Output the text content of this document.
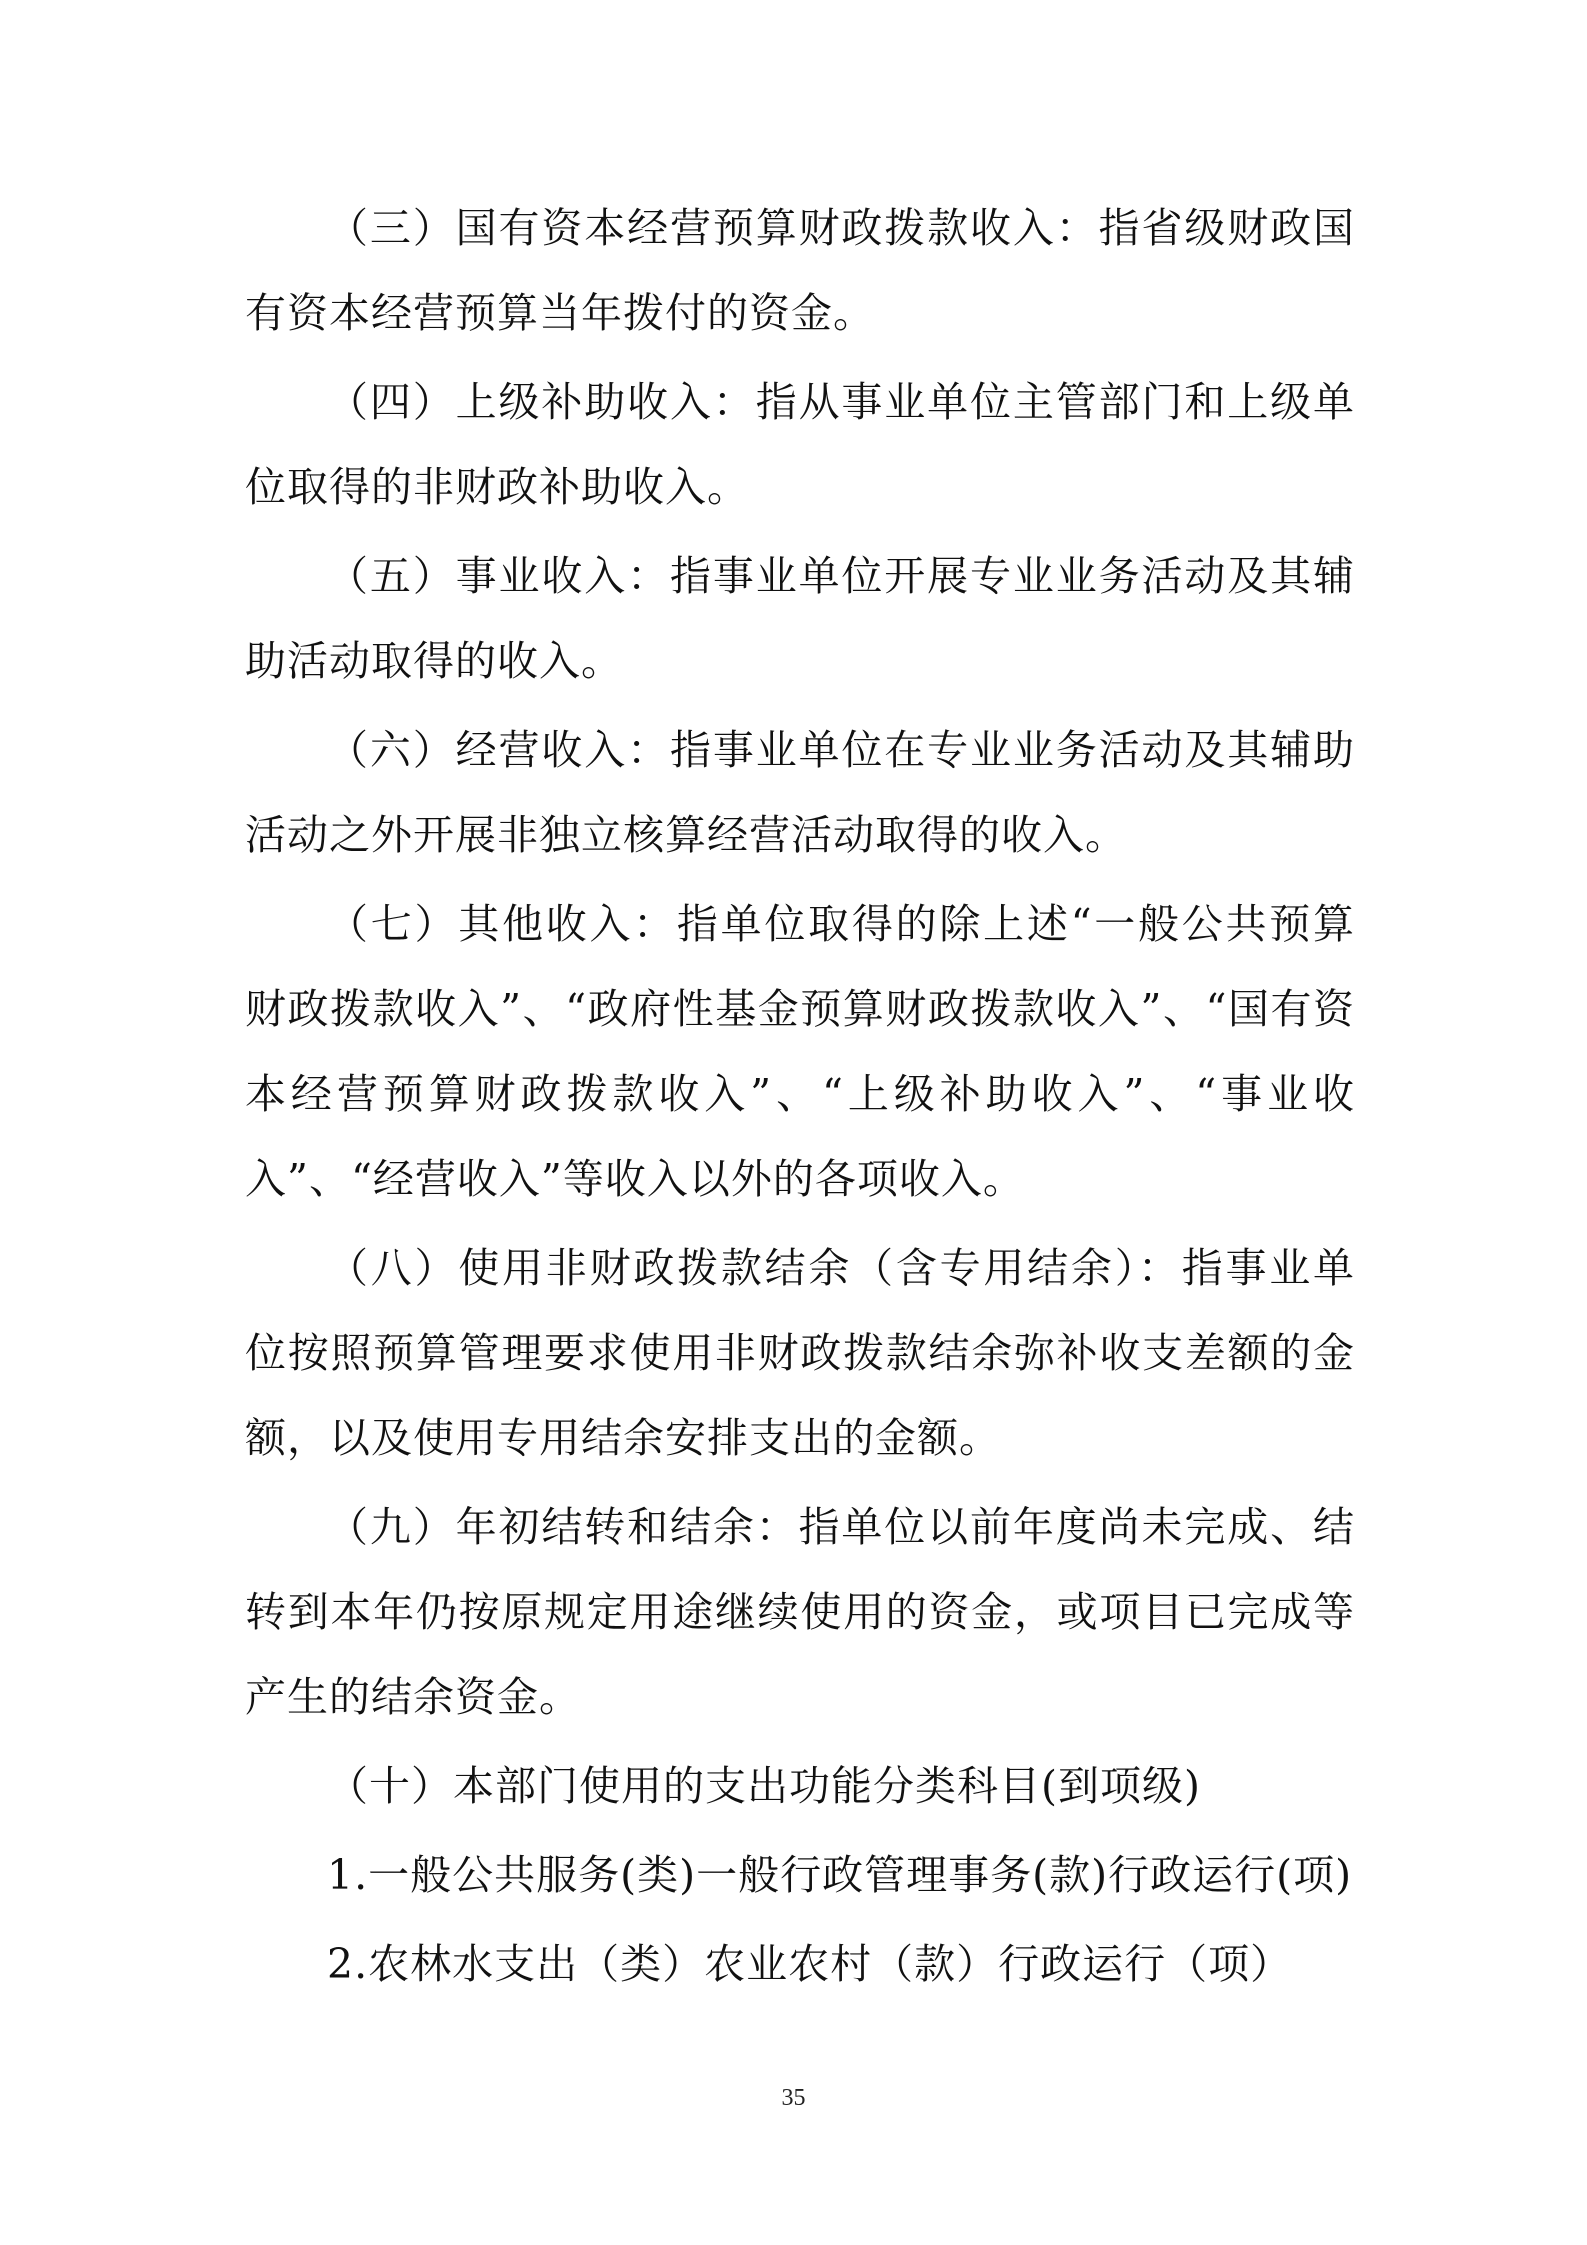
（三）国有资本经营预算财政拨款收入：指省级财政国有资本经营预算当年拨付的资金。

（四）上级补助收入：指从事业单位主管部门和上级单位取得的非财政补助收入。

（五）事业收入：指事业单位开展专业业务活动及其辅助活动取得的收入。

（六）经营收入：指事业单位在专业业务活动及其辅助活动之外开展非独立核算经营活动取得的收入。

（七）其他收入：指单位取得的除上述“一般公共预算财政拨款收入”、“政府性基金预算财政拨款收入”、“国有资本经营预算财政拨款收入”、“上级补助收入”、“事业收入”、“经营收入”等收入以外的各项收入。

（八）使用非财政拨款结余（含专用结余）：指事业单位按照预算管理要求使用非财政拨款结余弥补收支差额的金额，以及使用专用结余安排支出的金额。

（九）年初结转和结余：指单位以前年度尚未完成、结转到本年仍按原规定用途继续使用的资金，或项目已完成等产生的结余资金。

（十）本部门使用的支出功能分类科目(到项级)

1.一般公共服务(类)一般行政管理事务(款)行政运行(项)

2.农林水支出（类）农业农村（款）行政运行（项）

35
